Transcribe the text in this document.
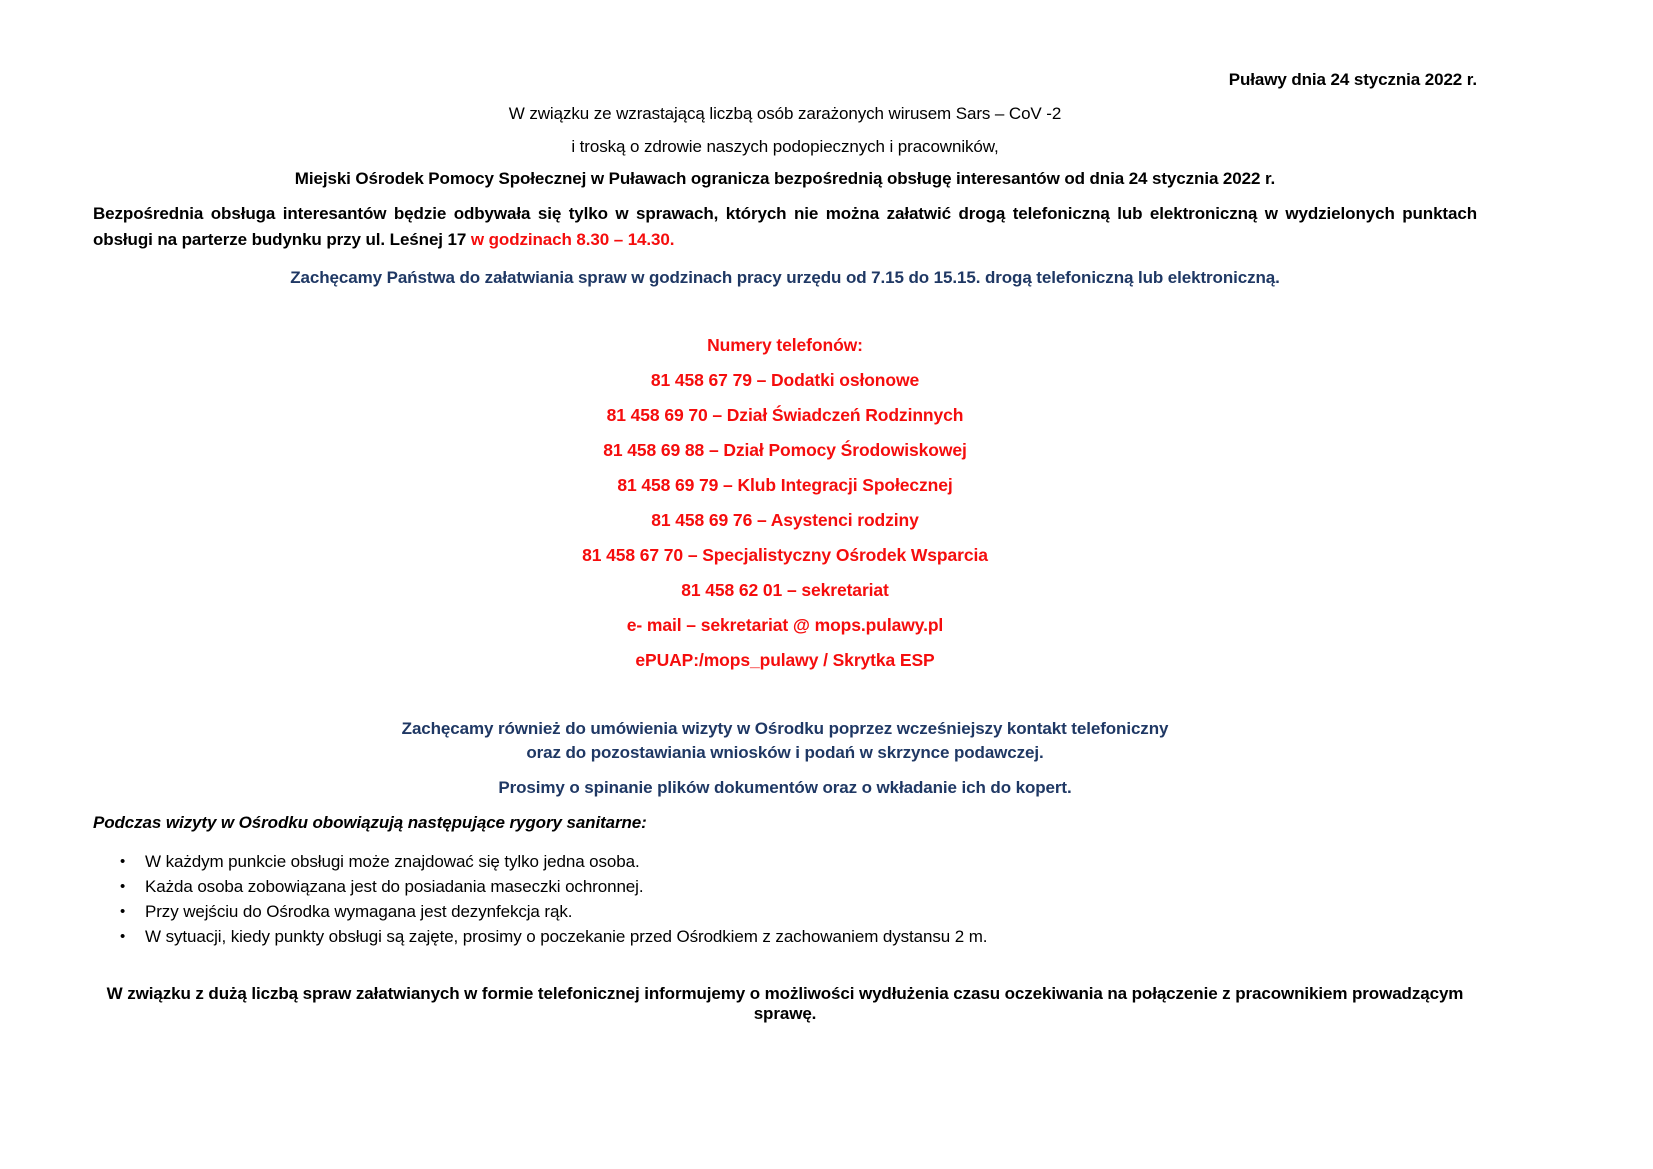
Puławy dnia 24 stycznia 2022 r.
W związku ze wzrastającą liczbą osób zarażonych wirusem Sars – CoV -2
i troską o zdrowie naszych podopiecznych i pracowników,
Miejski Ośrodek Pomocy Społecznej w Puławach ogranicza bezpośrednią obsługę interesantów od dnia 24 stycznia 2022 r.
Bezpośrednia obsługa interesantów będzie odbywała się tylko w sprawach, których nie można załatwić drogą telefoniczną lub elektroniczną w wydzielonych punktach obsługi na parterze budynku przy ul. Leśnej 17 w godzinach 8.30 – 14.30.
Zachęcamy Państwa do załatwiania spraw w godzinach pracy urzędu od 7.15 do 15.15. drogą telefoniczną lub elektroniczną.
Numery telefonów:
81 458 67 79 – Dodatki osłonowe
81 458 69 70 – Dział Świadczeń Rodzinnych
81 458 69 88 – Dział Pomocy Środowiskowej
81 458 69 79 – Klub Integracji Społecznej
81 458 69 76 – Asystenci rodziny
81 458 67 70 – Specjalistyczny Ośrodek Wsparcia
81 458 62 01 – sekretariat
e- mail – sekretariat @ mops.pulawy.pl
ePUAP:/mops_pulawy / Skrytka ESP
Zachęcamy również do umówienia wizyty w Ośrodku poprzez wcześniejszy kontakt telefoniczny
oraz do pozostawiania wniosków i podań w skrzynce podawczej.
Prosimy o spinanie plików dokumentów oraz o wkładanie ich do kopert.
Podczas wizyty w Ośrodku obowiązują następujące rygory sanitarne:
• W każdym punkcie obsługi może znajdować się tylko jedna osoba.
• Każda osoba zobowiązana jest do posiadania maseczki ochronnej.
• Przy wejściu do Ośrodka wymagana jest dezynfekcja rąk.
• W sytuacji, kiedy punkty obsługi są zajęte, prosimy o poczekanie przed Ośrodkiem z zachowaniem dystansu 2 m.
W związku z dużą liczbą spraw załatwianych w formie telefonicznej informujemy o możliwości wydłużenia czasu oczekiwania na połączenie z pracownikiem prowadzącym sprawę.
